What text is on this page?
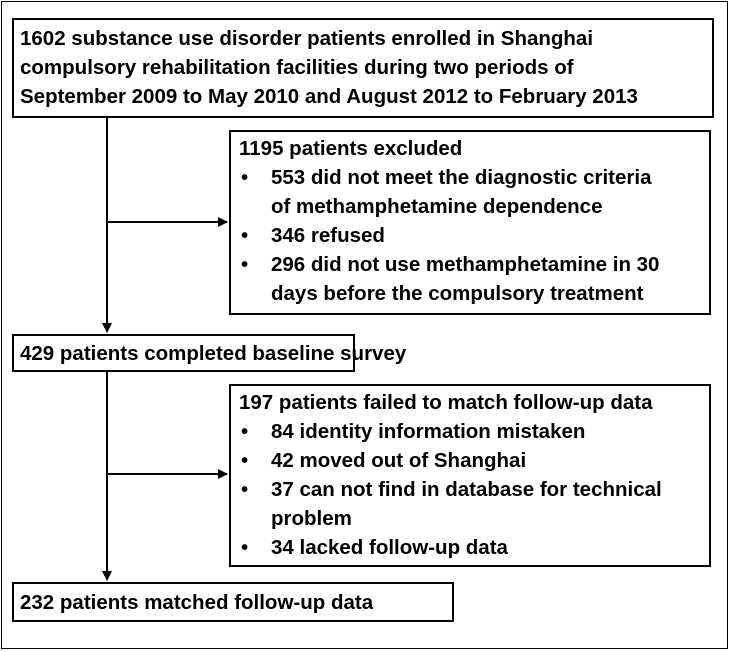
1602 substance use disorder patients enrolled in Shanghai
compulsory rehabilitation facilities during two periods of
September 2009 to May 2010 and August 2012 to February 2013
1195 patients excluded
• 553 did not meet the diagnostic criteria
of methamphetamine dependence
• 346 refused
• 296 did not use methamphetamine in 30
days before the compulsory treatment
429 patients completed baseline survey
197 patients failed to match follow-up data
• 84 identity information mistaken
• 42 moved out of Shanghai
• 37 can not find in database for technical
problem
• 34 lacked follow-up data
232 patients matched follow-up data
